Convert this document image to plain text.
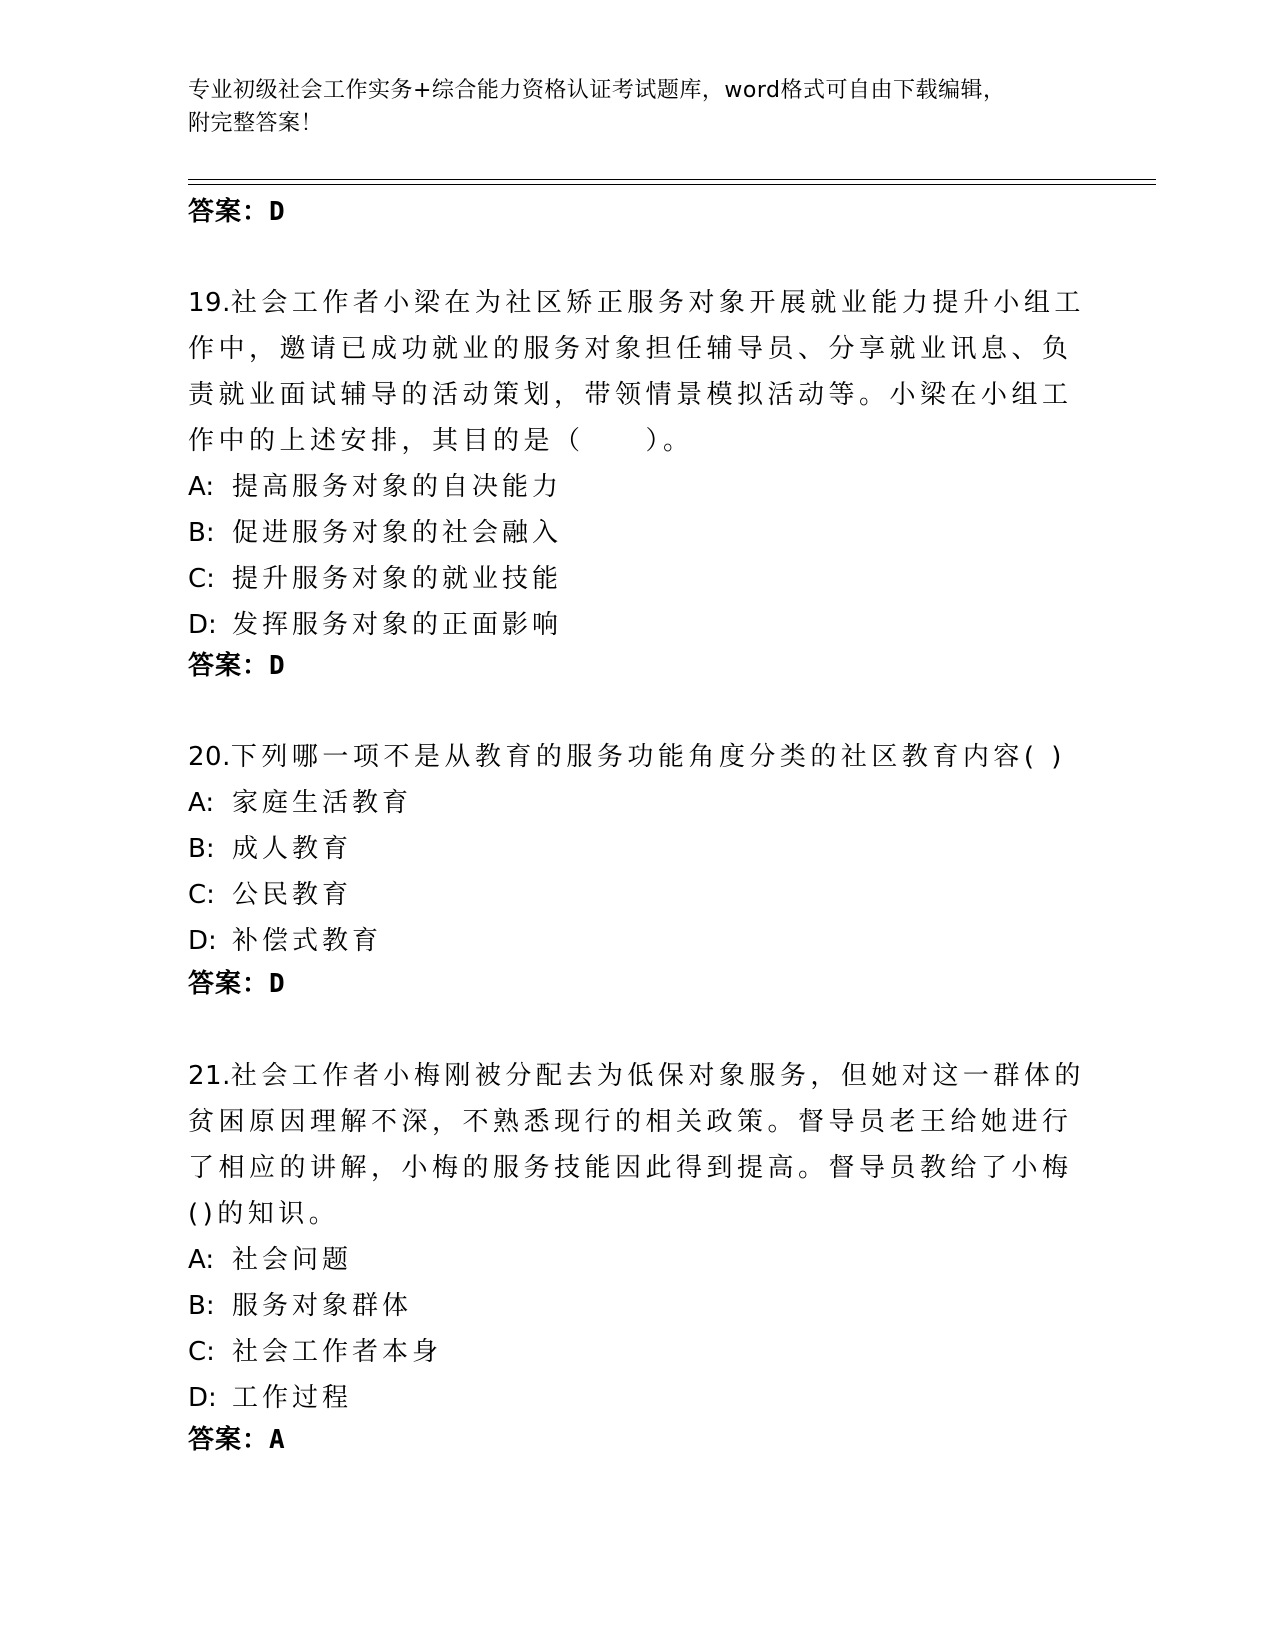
专业初级社会工作实务+综合能力资格认证考试题库，word格式可自由下载编辑，
附完整答案！
答案：D
19.社会工作者小梁在为社区矫正服务对象开展就业能力提升小组工作中，邀请已成功就业的服务对象担任辅导员、分享就业讯息、负责就业面试辅导的活动策划，带领情景模拟活动等。小梁在小组工作中的上述安排，其目的是（　　）。
A: 提高服务对象的自决能力
B: 促进服务对象的社会融入
C: 提升服务对象的就业技能
D: 发挥服务对象的正面影响
答案：D
20.下列哪一项不是从教育的服务功能角度分类的社区教育内容( )
A: 家庭生活教育
B: 成人教育
C: 公民教育
D: 补偿式教育
答案：D
21.社会工作者小梅刚被分配去为低保对象服务，但她对这一群体的贫困原因理解不深，不熟悉现行的相关政策。督导员老王给她进行了相应的讲解，小梅的服务技能因此得到提高。督导员教给了小梅()的知识。
A: 社会问题
B: 服务对象群体
C: 社会工作者本身
D: 工作过程
答案：A
